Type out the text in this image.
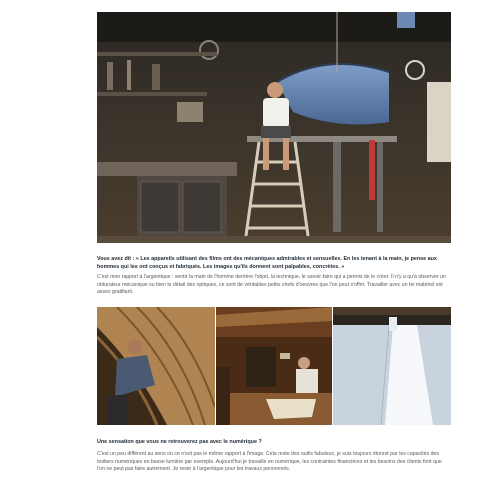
Vous avez dit : « Les appareils utilisant des films ont des mécaniques admirables et sensuelles. En les tenant à la main, je pense aux hommes qui les ont conçus et fabriqués. Les images qu'ils donnent sont palpables, concrètes. »

C'est mon rapport à l'argentique : sentir la main de l'homme derrière l'objet, la technique, le savoir-faire qui a permis de le créer. Il n'y a qu'à observer un obturateur mécanique ou bien le détail des optiques, ce sont de véritables petits chefs d'oeuvres que l'on peut s'offrir. Travailler avec un tel matériel est assez gratifiant.

Une sensation que vous ne retrouverez pas avec le numérique ?

C'est un peu différent au sens où ce n'est pas le même rapport à l'image. Cela reste des outils fabuleux, je suis toujours étonné par les capacités des boitiers numériques en basse lumière par exemple. Aujourd'hui je travaille en numérique, les contraintes financières et les besoins des clients font que l'on ne peut pas faire autrement. Je reste à l'argentique pour les travaux personnels.
